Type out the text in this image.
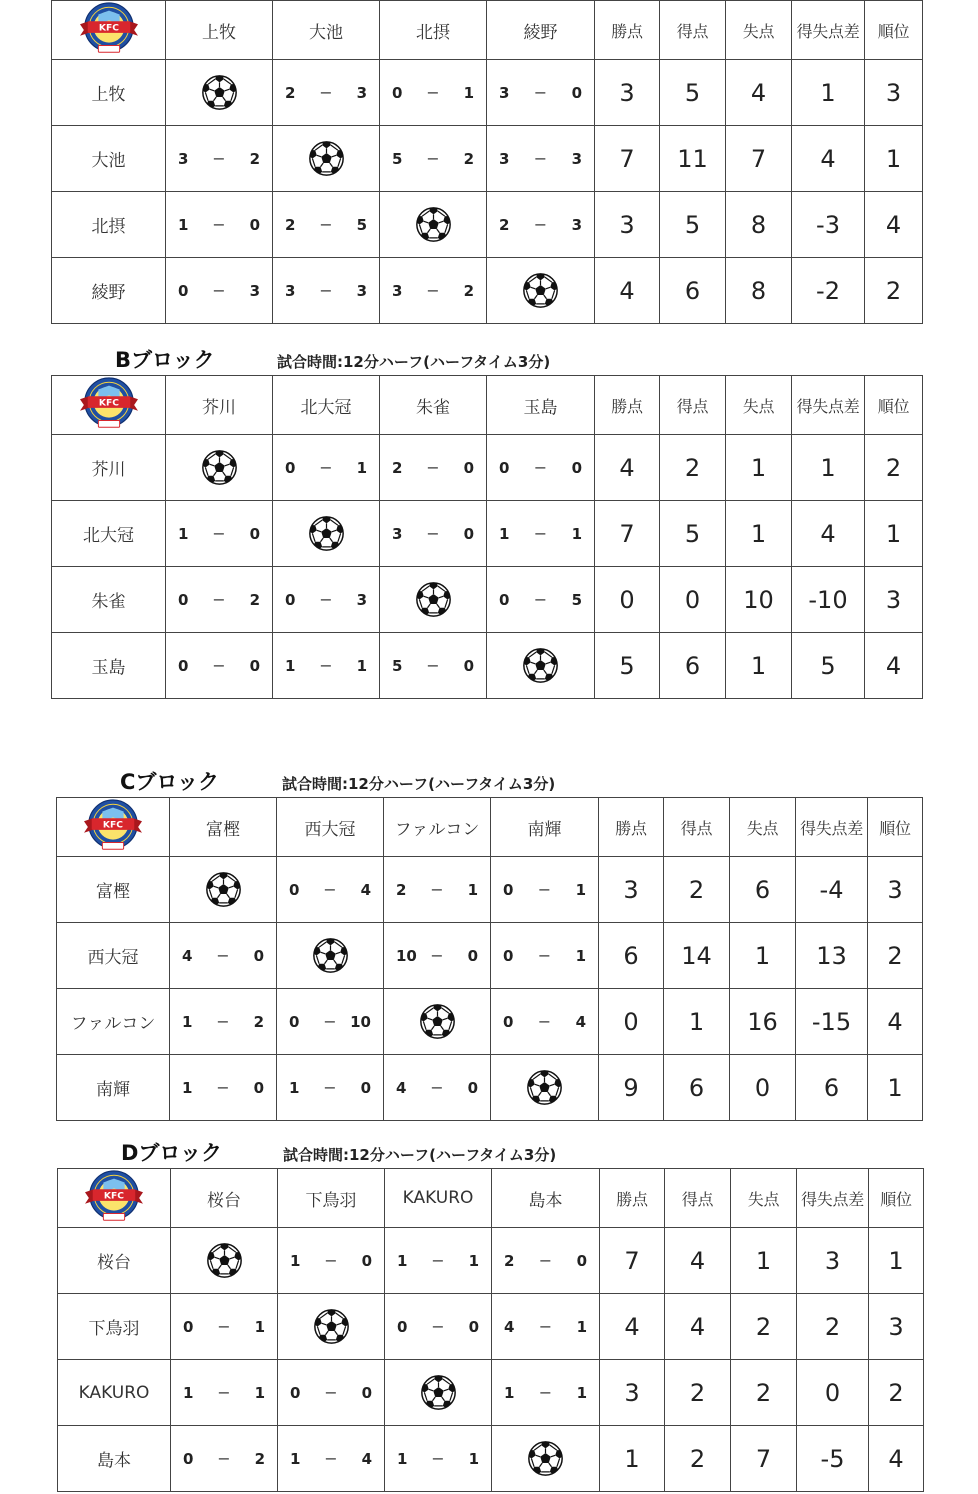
KFC	上牧	大池	北摂	綾野	勝点	得点	失点	得失点差	順位
上牧		2 − 3	0 − 1	3 − 0	3	5	4	1	3
大池	3 − 2		5 − 2	3 − 3	7	11	7	4	1
北摂	1 − 0	2 − 5		2 − 3	3	5	8	-3	4
綾野	0 − 3	3 − 3	3 − 2		4	6	8	-2	2
Bブロック	試合時間:12分ハーフ(ハーフタイム3分)
KFC	芥川	北大冠	朱雀	玉島	勝点	得点	失点	得失点差	順位
芥川		0 − 1	2 − 0	0 − 0	4	2	1	1	2
北大冠	1 − 0		3 − 0	1 − 1	7	5	1	4	1
朱雀	0 − 2	0 − 3		0 − 5	0	0	10	-10	3
玉島	0 − 0	1 − 1	5 − 0		5	6	1	5	4
Cブロック	試合時間:12分ハーフ(ハーフタイム3分)
KFC	富樫	西大冠	ファルコン	南輝	勝点	得点	失点	得失点差	順位
富樫		0 − 4	2 − 1	0 − 1	3	2	6	-4	3
西大冠	4 − 0		10 − 0	0 − 1	6	14	1	13	2
ファルコン	1 − 2	0 − 10		0 − 4	0	1	16	-15	4
南輝	1 − 0	1 − 0	4 − 0		9	6	0	6	1
Dブロック	試合時間:12分ハーフ(ハーフタイム3分)
KFC	桜台	下鳥羽	KAKURO	島本	勝点	得点	失点	得失点差	順位
桜台		1 − 0	1 − 1	2 − 0	7	4	1	3	1
下鳥羽	0 − 1		0 − 0	4 − 1	4	4	2	2	3
KAKURO	1 − 1	0 − 0		1 − 1	3	2	2	0	2
島本	0 − 2	1 − 4	1 − 1		1	2	7	-5	4
